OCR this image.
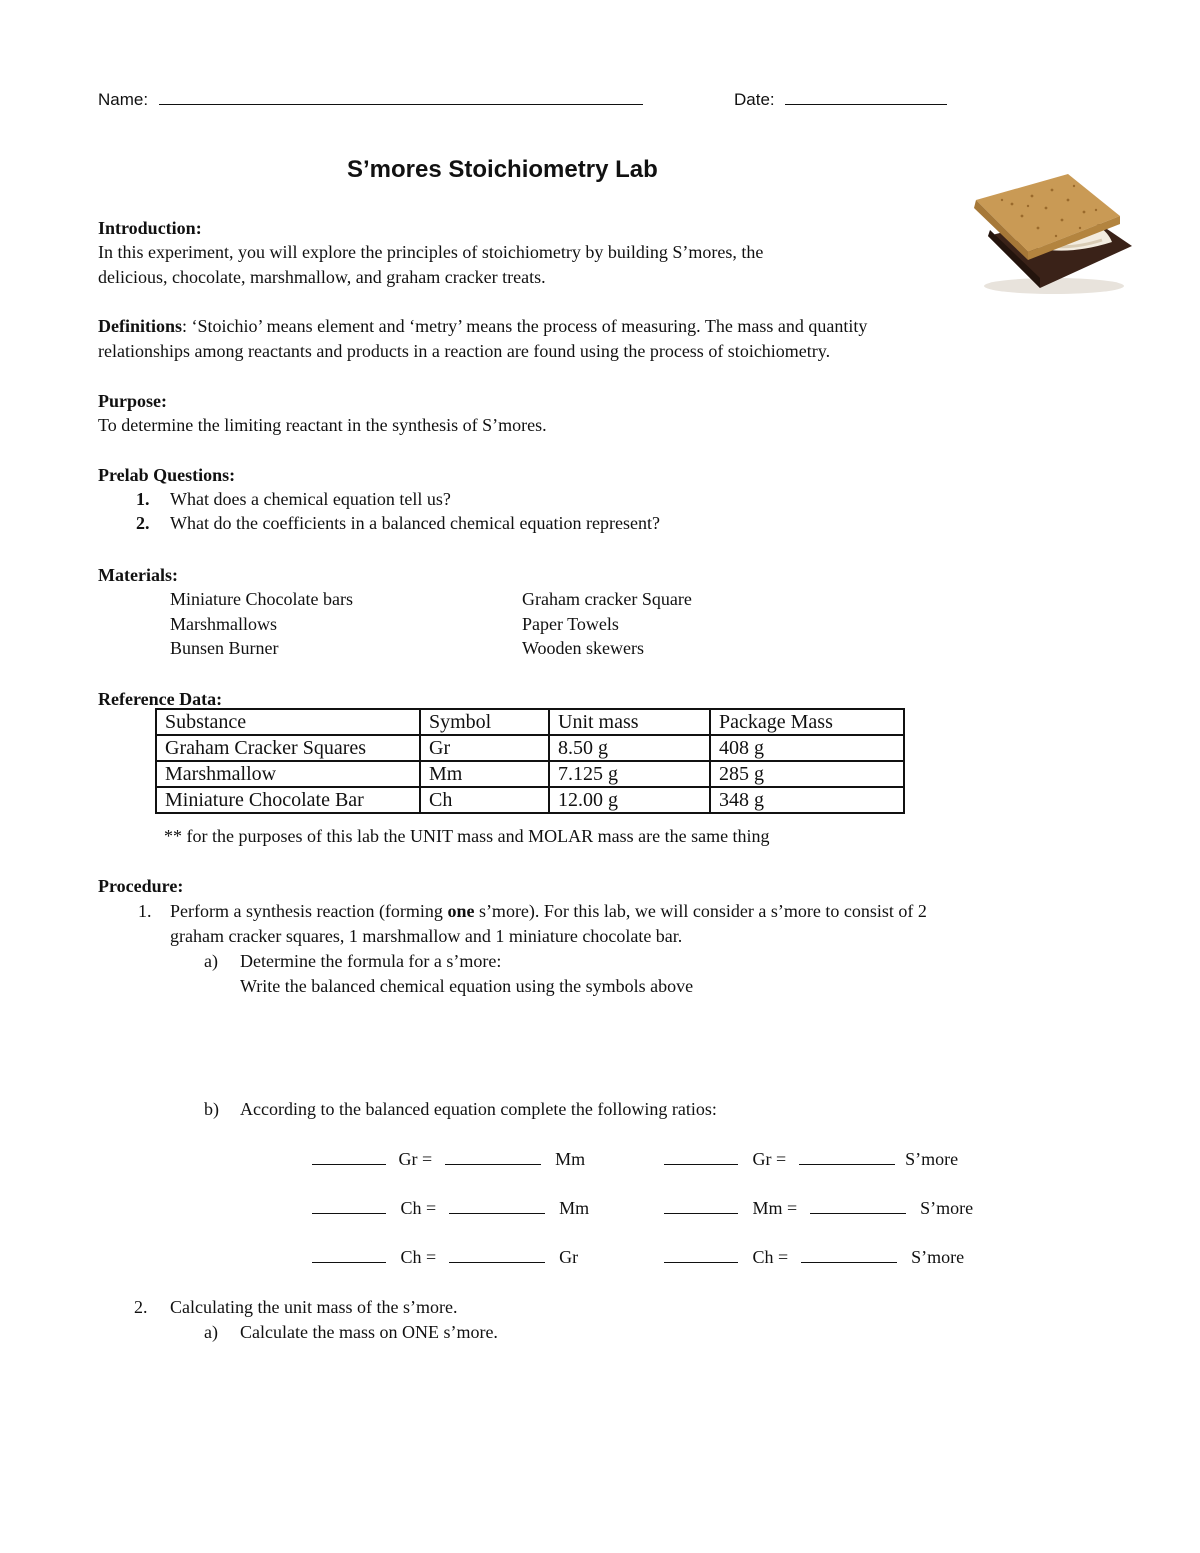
Name:	Date:
S’mores Stoichiometry Lab
Introduction:
In this experiment, you will explore the principles of stoichiometry by building S’mores, the
delicious, chocolate, marshmallow, and graham cracker treats.
Definitions: ‘Stoichio’ means element and ‘metry’ means the process of measuring. The mass and quantity
relationships among reactants and products in a reaction are found using the process of stoichiometry.
Purpose:
To determine the limiting reactant in the synthesis of S’mores.
Prelab Questions:
1. What does a chemical equation tell us?
2. What do the coefficients in a balanced chemical equation represent?
Materials:
Miniature Chocolate bars
Marshmallows
Bunsen Burner
Graham cracker Square
Paper Towels
Wooden skewers
Reference Data:
Substance	Symbol	Unit mass	Package Mass
Graham Cracker Squares	Gr	8.50 g	408 g
Marshmallow	Mm	7.125 g	285 g
Miniature Chocolate Bar	Ch	12.00 g	348 g
** for the purposes of this lab the UNIT mass and MOLAR mass are the same thing
Procedure:
1. Perform a synthesis reaction (forming one s’more). For this lab, we will consider a s’more to consist of 2
graham cracker squares, 1 marshmallow and 1 miniature chocolate bar.
a) Determine the formula for a s’more:
Write the balanced chemical equation using the symbols above
b) According to the balanced equation complete the following ratios:
Gr =	Mm	Gr =	S’more
Ch =	Mm	Mm =	S’more
Ch =	Gr	Ch =	S’more
2. Calculating the unit mass of the s’more.
a) Calculate the mass on ONE s’more.
